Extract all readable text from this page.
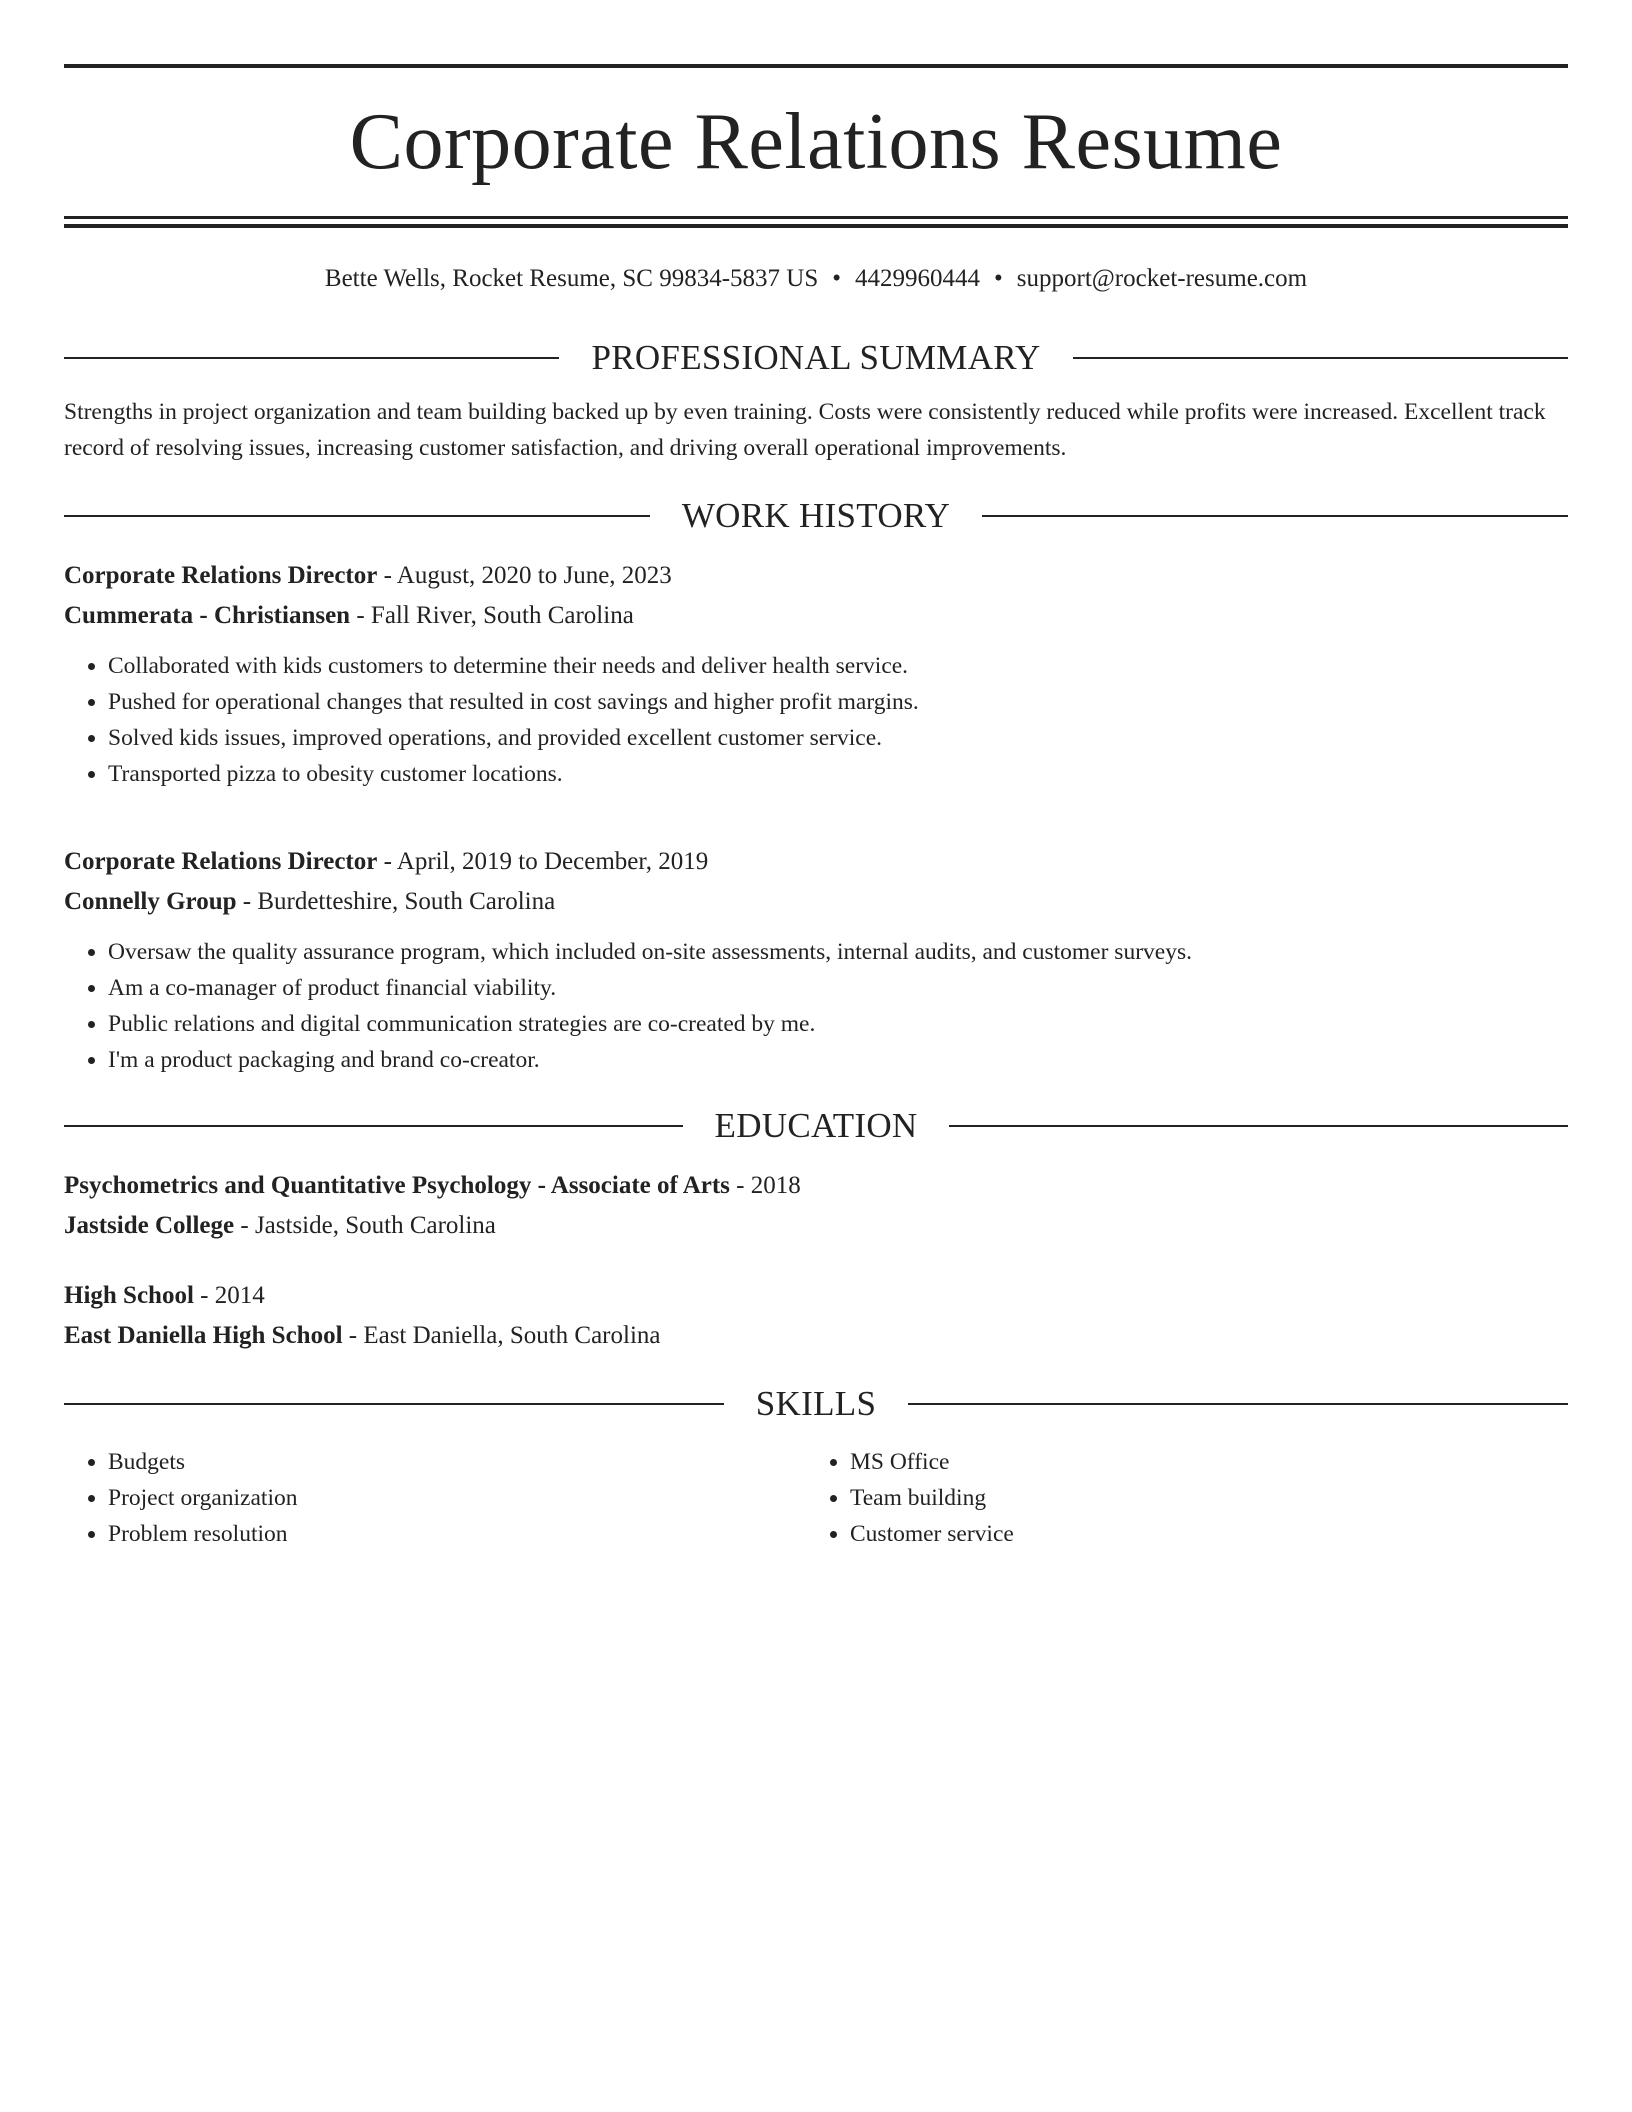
Corporate Relations Resume
Bette Wells, Rocket Resume, SC 99834-5837 US • 4429960444 • support@rocket-resume.com
PROFESSIONAL SUMMARY
Strengths in project organization and team building backed up by even training. Costs were consistently reduced while profits were increased. Excellent track record of resolving issues, increasing customer satisfaction, and driving overall operational improvements.
WORK HISTORY
Corporate Relations Director - August, 2020 to June, 2023
Cummerata - Christiansen - Fall River, South Carolina
• Collaborated with kids customers to determine their needs and deliver health service.
• Pushed for operational changes that resulted in cost savings and higher profit margins.
• Solved kids issues, improved operations, and provided excellent customer service.
• Transported pizza to obesity customer locations.
Corporate Relations Director - April, 2019 to December, 2019
Connelly Group - Burdetteshire, South Carolina
• Oversaw the quality assurance program, which included on-site assessments, internal audits, and customer surveys.
• Am a co-manager of product financial viability.
• Public relations and digital communication strategies are co-created by me.
• I'm a product packaging and brand co-creator.
EDUCATION
Psychometrics and Quantitative Psychology - Associate of Arts - 2018
Jastside College - Jastside, South Carolina
High School - 2014
East Daniella High School - East Daniella, South Carolina
SKILLS
• Budgets
• Project organization
• Problem resolution
• MS Office
• Team building
• Customer service
